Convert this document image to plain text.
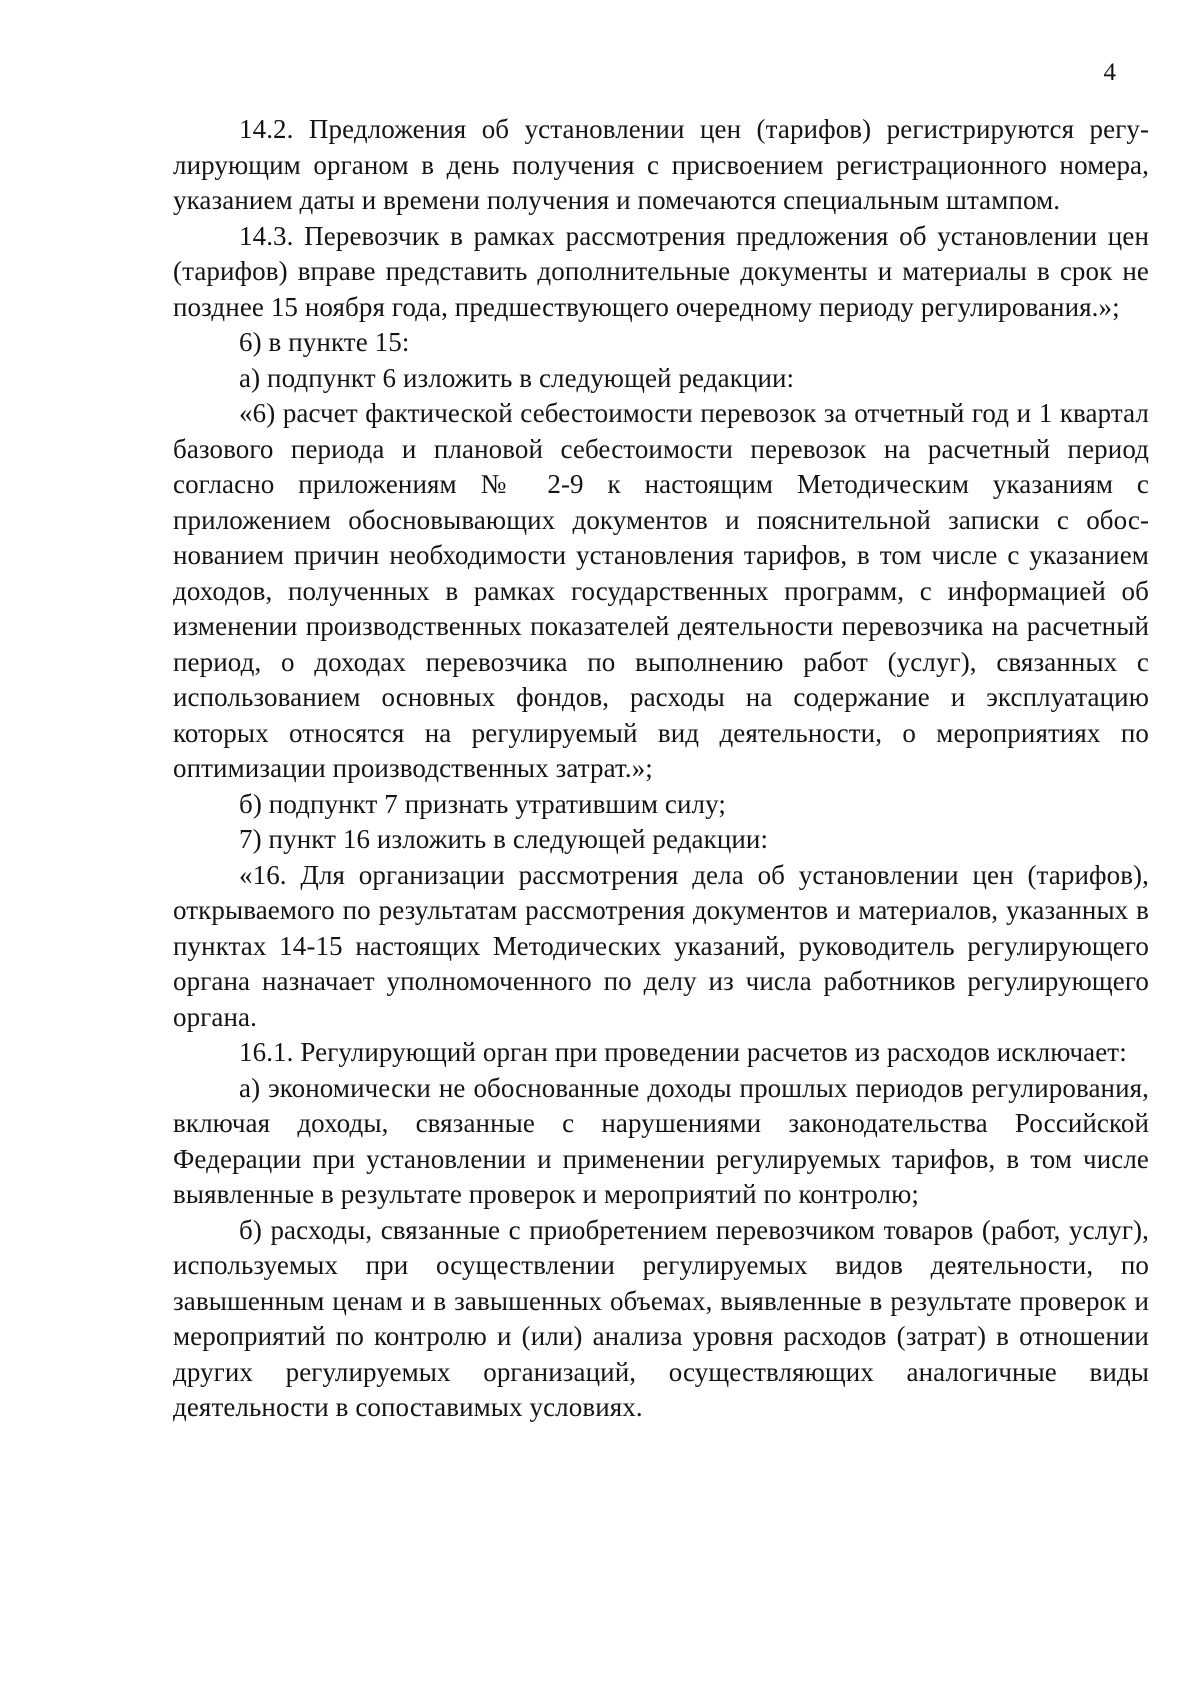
4

14.2. Предложения об установлении цен (тарифов) регистрируются регулирующим органом в день получения с присвоением регистрационного номера, указанием даты и времени получения и помечаются специальным штампом.

14.3. Перевозчик в рамках рассмотрения предложения об установлении цен (тарифов) вправе представить дополнительные документы и материалы в срок не позднее 15 ноября года, предшествующего очередному периоду регулирования.»;

6) в пункте 15:

а) подпункт 6 изложить в следующей редакции:

«6) расчет фактической себестоимости перевозок за отчетный год и 1 квартал базового периода и плановой себестоимости перевозок на расчетный период согласно приложениям № 2-9 к настоящим Методическим указаниям с приложением обосновывающих документов и пояснительной записки с обоснованием причин необходимости установления тарифов, в том числе с указанием доходов, полученных в рамках государственных программ, с информацией об изменении производственных показателей деятельности перевозчика на расчетный период, о доходах перевозчика по выполнению работ (услуг), связанных с использованием основных фондов, расходы на содержание и эксплуатацию которых относятся на регулируемый вид деятельности, о мероприятиях по оптимизации производственных затрат.»;

б) подпункт 7 признать утратившим силу;

7) пункт 16 изложить в следующей редакции:

«16. Для организации рассмотрения дела об установлении цен (тарифов), открываемого по результатам рассмотрения документов и материалов, указанных в пунктах 14-15 настоящих Методических указаний, руководитель регулирующего органа назначает уполномоченного по делу из числа работников регулирующего органа.

16.1. Регулирующий орган при проведении расчетов из расходов исключает:

а) экономически не обоснованные доходы прошлых периодов регулирования, включая доходы, связанные с нарушениями законодательства Российской Федерации при установлении и применении регулируемых тарифов, в том числе выявленные в результате проверок и мероприятий по контролю;

б) расходы, связанные с приобретением перевозчиком товаров (работ, услуг), используемых при осуществлении регулируемых видов деятельности, по завышенным ценам и в завышенных объемах, выявленные в результате проверок и мероприятий по контролю и (или) анализа уровня расходов (затрат) в отношении других регулируемых организаций, осуществляющих аналогичные виды деятельности в сопоставимых условиях.
